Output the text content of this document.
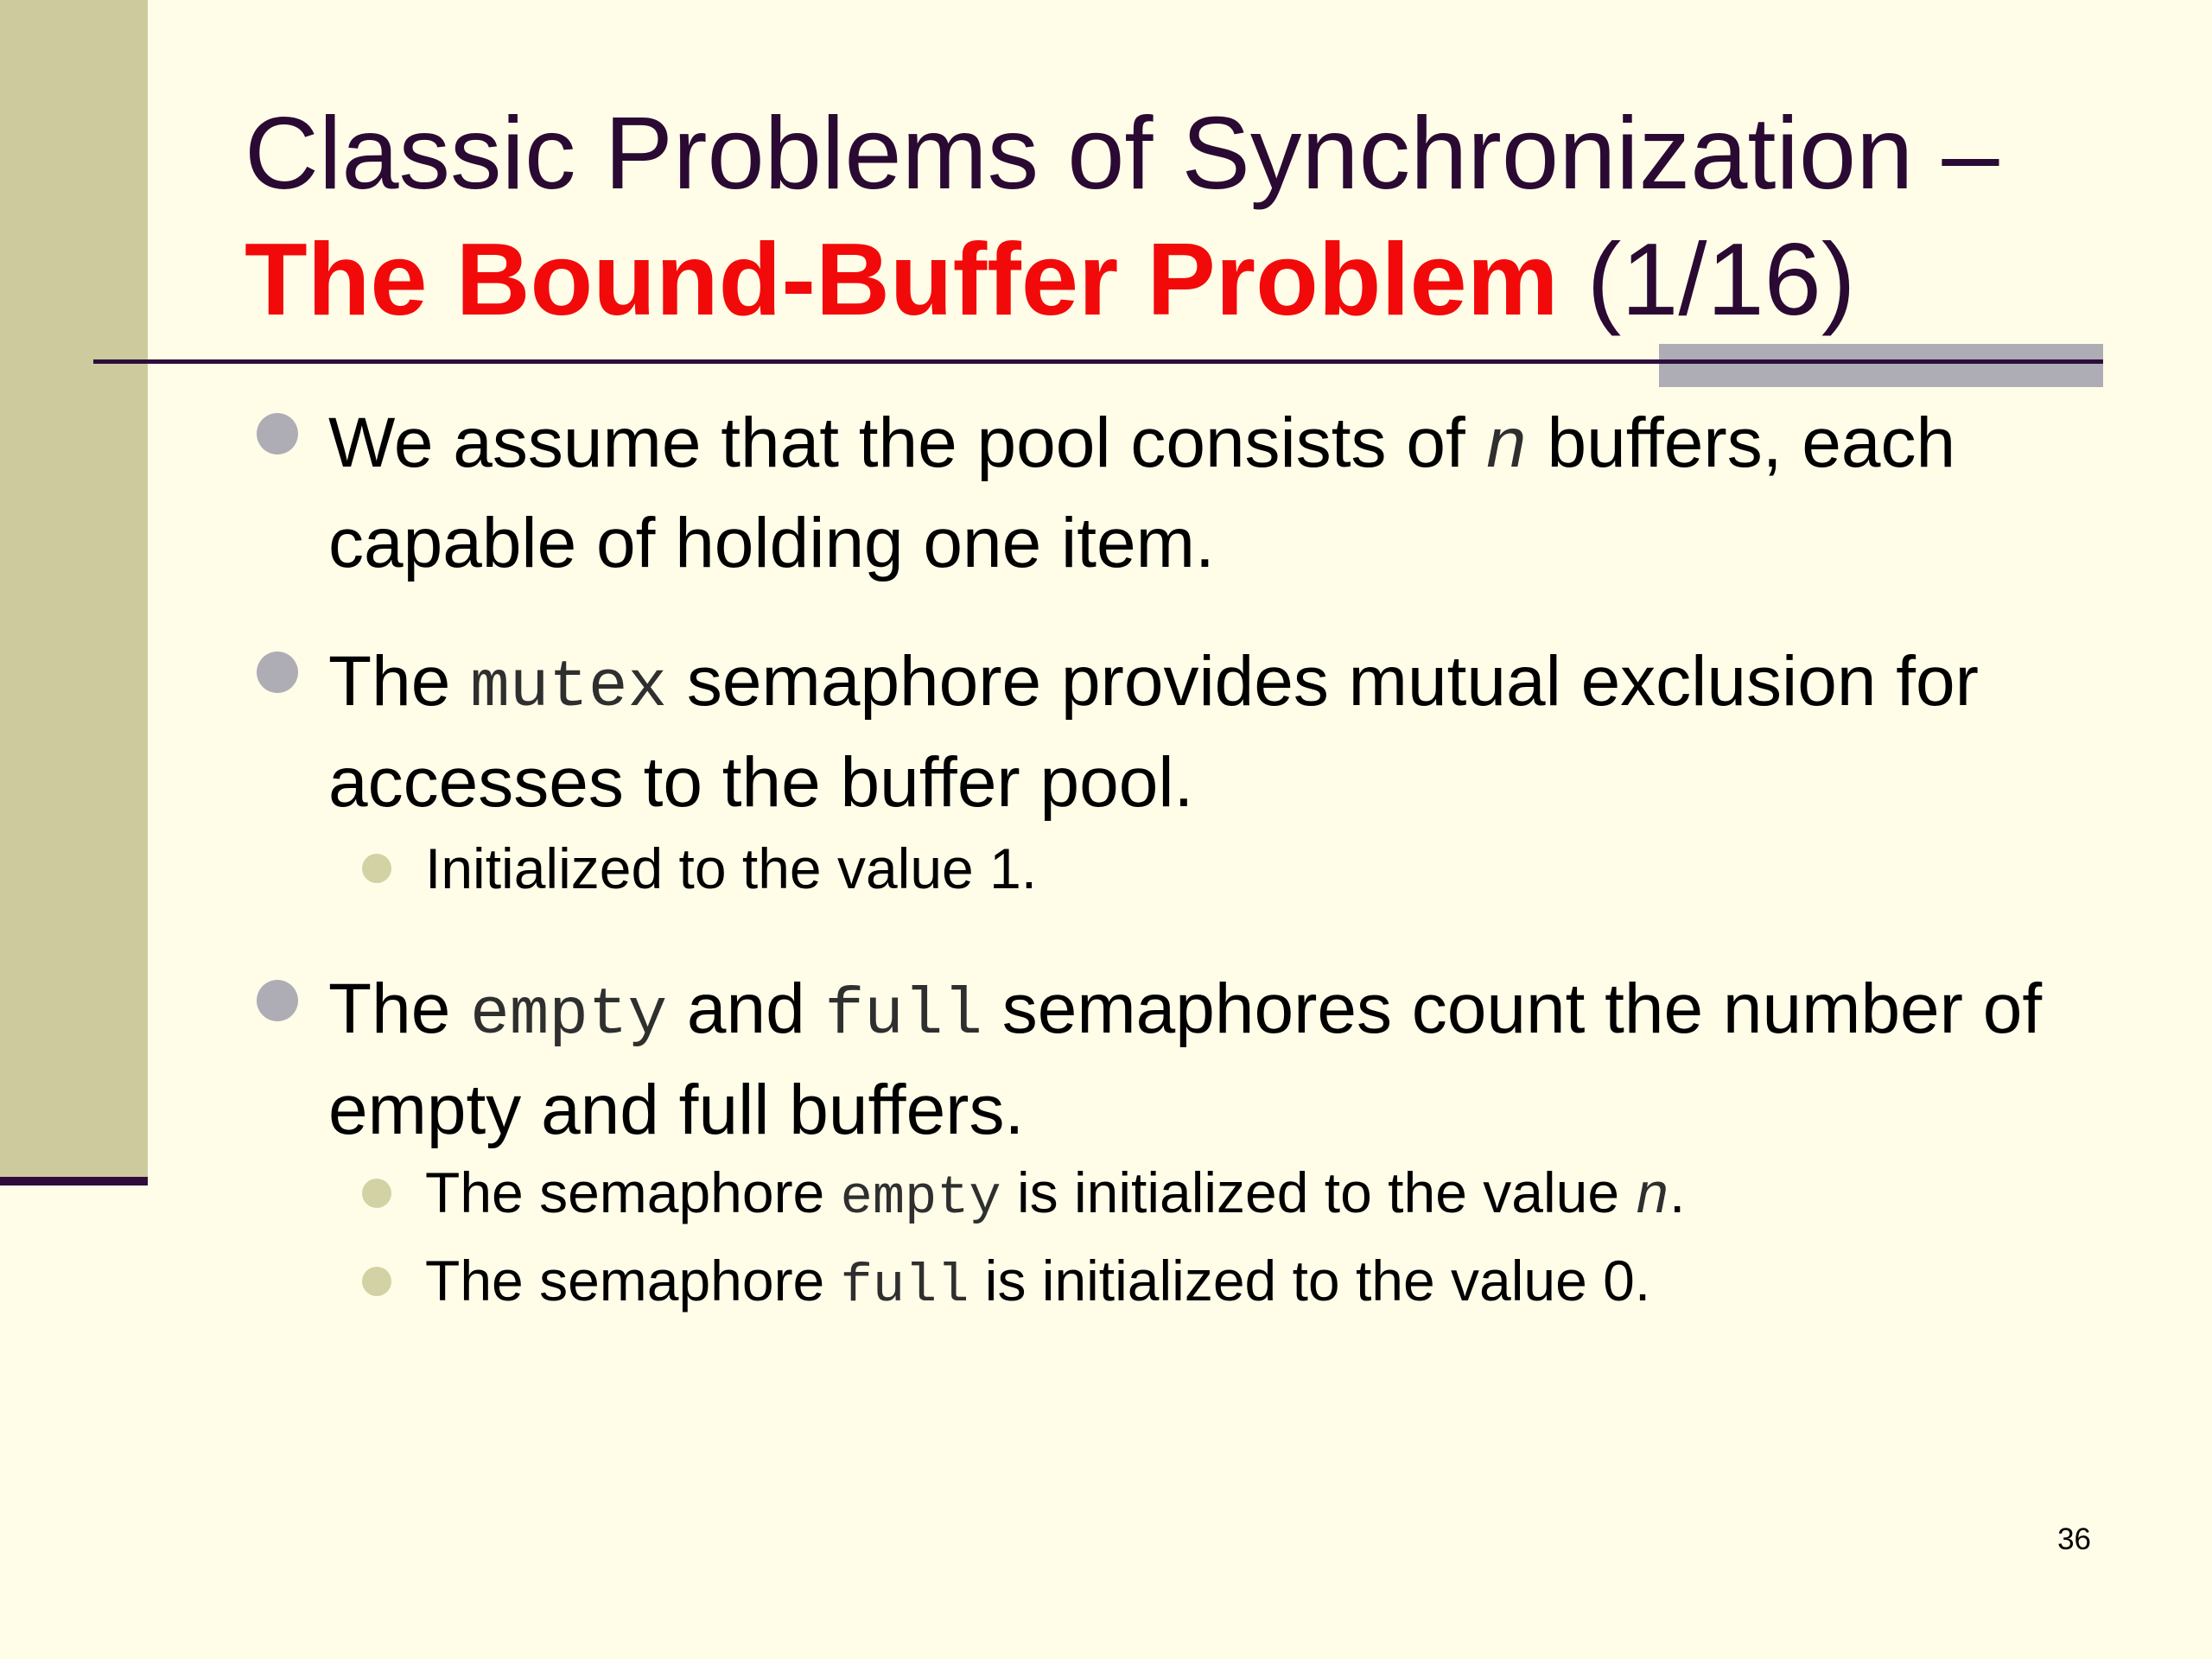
Classic Problems of Synchronization –
The Bound-Buffer Problem (1/16)
We assume that the pool consists of n buffers, each capable of holding one item.
The mutex semaphore provides mutual exclusion for accesses to the buffer pool.
Initialized to the value 1.
The empty and full semaphores count the number of empty and full buffers.
The semaphore empty is initialized to the value n.
The semaphore full is initialized to the value 0.
36
